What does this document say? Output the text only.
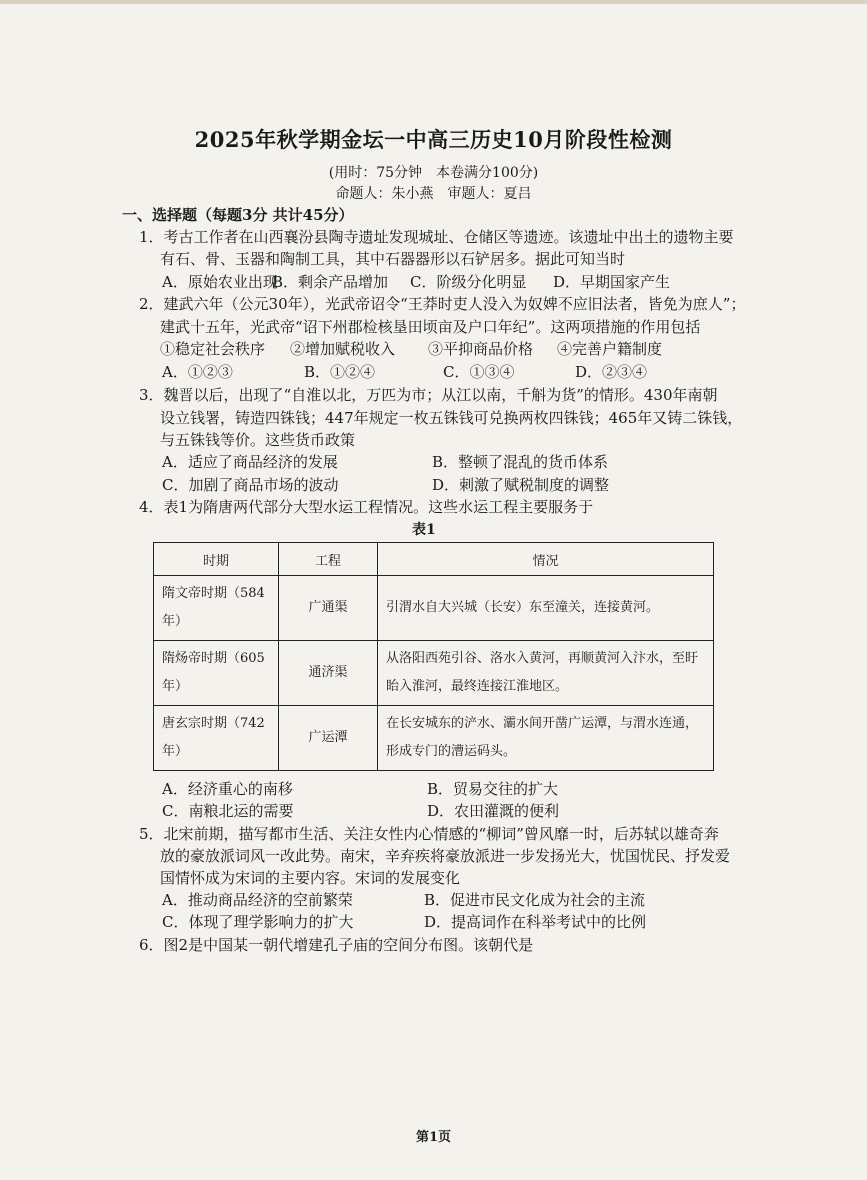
2025年秋学期金坛一中高三历史10月阶段性检测
(用时：75分钟　本卷满分100分)
命题人：朱小燕　审题人：夏吕
一、选择题（每题3分 共计45分）
1．考古工作者在山西襄汾县陶寺遗址发现城址、仓储区等遗迹。该遗址中出土的遗物主要
有石、骨、玉器和陶制工具，其中石器器形以石铲居多。据此可知当时
A．原始农业出现
B．剩余产品增加 C．阶级分化明显 D．早期国家产生
2．建武六年（公元30年），光武帝诏令“王莽时吏人没入为奴婢不应旧法者，皆免为庶人”；
建武十五年，光武帝“诏下州郡检核垦田顷亩及户口年纪”。这两项措施的作用包括
①稳定社会秩序 ②增加赋税收入 ③平抑商品价格 ④完善户籍制度
A．①②③	B．①②④	C．①③④	D．②③④
3．魏晋以后，出现了“自淮以北，万匹为市；从江以南，千斛为货”的情形。430年南朝
设立钱署，铸造四铢钱；447年规定一枚五铢钱可兑换两枚四铢钱；465年又铸二铢钱，
与五铢钱等价。这些货币政策
A．适应了商品经济的发展	B．整顿了混乱的货币体系
C．加剧了商品市场的波动	D．刺激了赋税制度的调整
4．表1为隋唐两代部分大型水运工程情况。这些水运工程主要服务于
表1
时期	工程	情况
隋文帝时期（584年）	广通渠	引渭水自大兴城（长安）东至潼关，连接黄河。
隋炀帝时期（605年）	通济渠	从洛阳西苑引谷、洛水入黄河，再顺黄河入汴水，至盱眙入淮河，最终连接江淮地区。
唐玄宗时期（742年）	广运潭	在长安城东的浐水、灞水间开凿广运潭，与渭水连通，形成专门的漕运码头。
A．经济重心的南移	B．贸易交往的扩大
C．南粮北运的需要	D．农田灌溉的便利
5．北宋前期，描写都市生活、关注女性内心情感的“柳词”曾风靡一时，后苏轼以雄奇奔
放的豪放派词风一改此势。南宋，辛弃疾将豪放派进一步发扬光大，忧国忧民、抒发爱
国情怀成为宋词的主要内容。宋词的发展变化
A．推动商品经济的空前繁荣	B．促进市民文化成为社会的主流
C．体现了理学影响力的扩大	D．提高词作在科举考试中的比例
6．图2是中国某一朝代增建孔子庙的空间分布图。该朝代是
第1页
